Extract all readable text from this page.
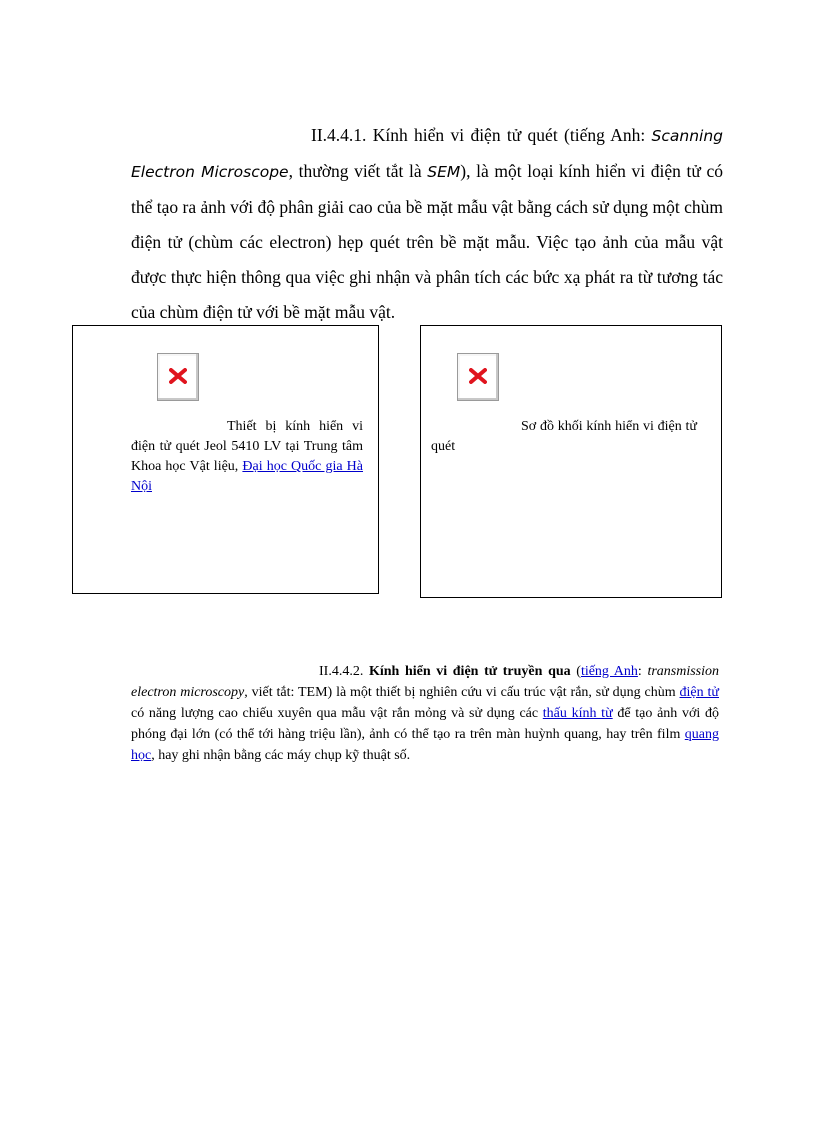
II.4.4.1. Kính hiển vi điện tử quét (tiếng Anh: Scanning Electron Microscope, thường viết tắt là SEM), là một loại kính hiển vi điện tử có thể tạo ra ảnh với độ phân giải cao của bề mặt mẫu vật bằng cách sử dụng một chùm điện tử (chùm các electron) hẹp quét trên bề mặt mẫu. Việc tạo ảnh của mẫu vật được thực hiện thông qua việc ghi nhận và phân tích các bức xạ phát ra từ tương tác của chùm điện tử với bề mặt mẫu vật.
Thiết bị kính hiển vi điện tử quét Jeol 5410 LV tại Trung tâm Khoa học Vật liệu, Đại học Quốc gia Hà Nội
Sơ đồ khối kính hiển vi điện tử quét
II.4.4.2. Kính hiển vi điện tử truyền qua (tiếng Anh: transmission electron microscopy, viết tắt: TEM) là một thiết bị nghiên cứu vi cấu trúc vật rắn, sử dụng chùm điện tử có năng lượng cao chiếu xuyên qua mẫu vật rắn mỏng và sử dụng các thấu kính từ để tạo ảnh với độ phóng đại lớn (có thể tới hàng triệu lần), ảnh có thể tạo ra trên màn huỳnh quang, hay trên film quang học, hay ghi nhận bằng các máy chụp kỹ thuật số.
